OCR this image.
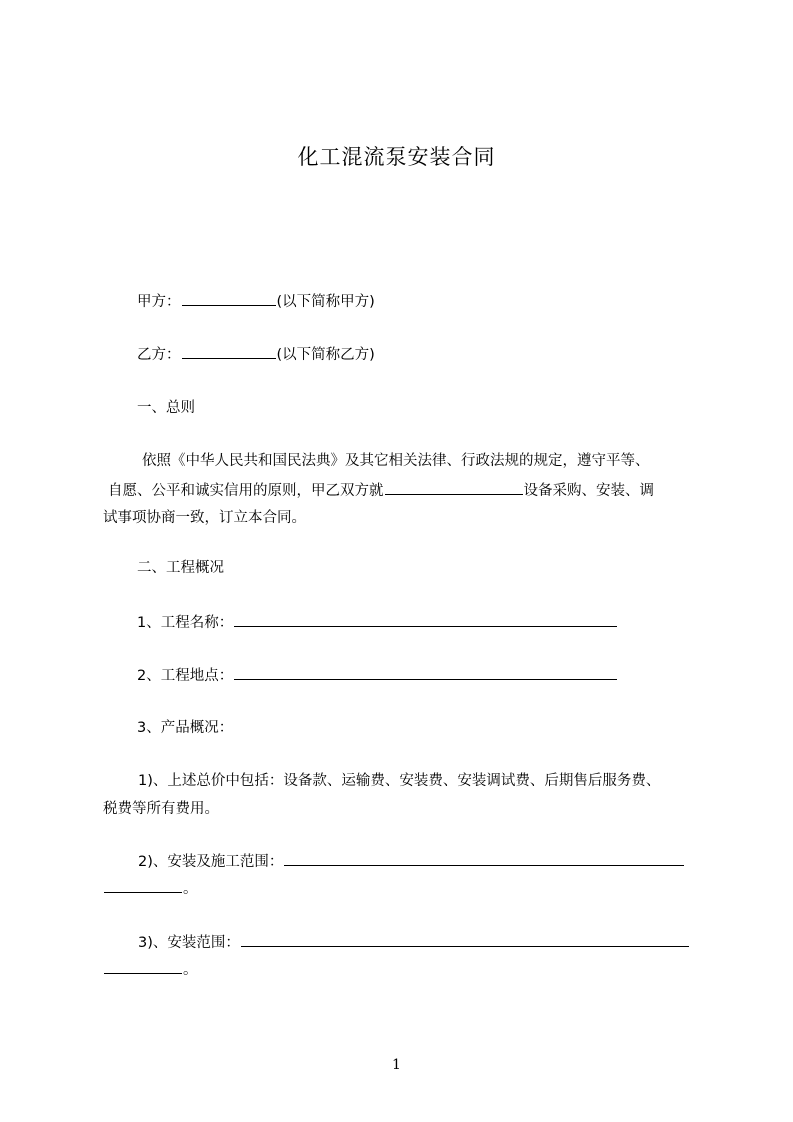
化工混流泵安装合同
甲方：	(以下简称甲方)
乙方：	(以下简称乙方)
一、总则
依照《中华人民共和国民法典》及其它相关法律、行政法规的规定，遵守平等、
自愿、公平和诚实信用的原则，甲乙双方就	设备采购、安装、调
试事项协商一致，订立本合同。
二、工程概况
1、工程名称：
2、工程地点：
3、产品概况：
1)、上述总价中包括：设备款、运输费、安装费、安装调试费、后期售后服务费、
税费等所有费用。
2)、安装及施工范围：
。
3)、安装范围：
。
1
